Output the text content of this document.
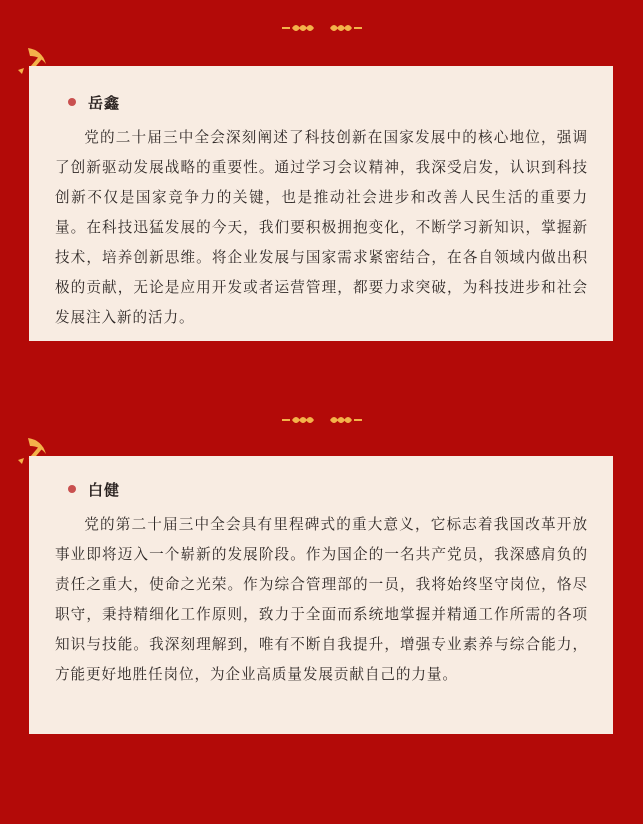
岳鑫

党的二十届三中全会深刻阐述了科技创新在国家发展中的核心地位，强调了创新驱动发展战略的重要性。通过学习会议精神，我深受启发，认识到科技创新不仅是国家竞争力的关键，也是推动社会进步和改善人民生活的重要力量。在科技迅猛发展的今天，我们要积极拥抱变化，不断学习新知识，掌握新技术，培养创新思维。将企业发展与国家需求紧密结合，在各自领域内做出积极的贡献，无论是应用开发或者运营管理，都要力求突破，为科技进步和社会发展注入新的活力。

白健

党的第二十届三中全会具有里程碑式的重大意义，它标志着我国改革开放事业即将迈入一个崭新的发展阶段。作为国企的一名共产党员，我深感肩负的责任之重大，使命之光荣。作为综合管理部的一员，我将始终坚守岗位，恪尽职守，秉持精细化工作原则，致力于全面而系统地掌握并精通工作所需的各项知识与技能。我深刻理解到，唯有不断自我提升，增强专业素养与综合能力，方能更好地胜任岗位，为企业高质量发展贡献自己的力量。
